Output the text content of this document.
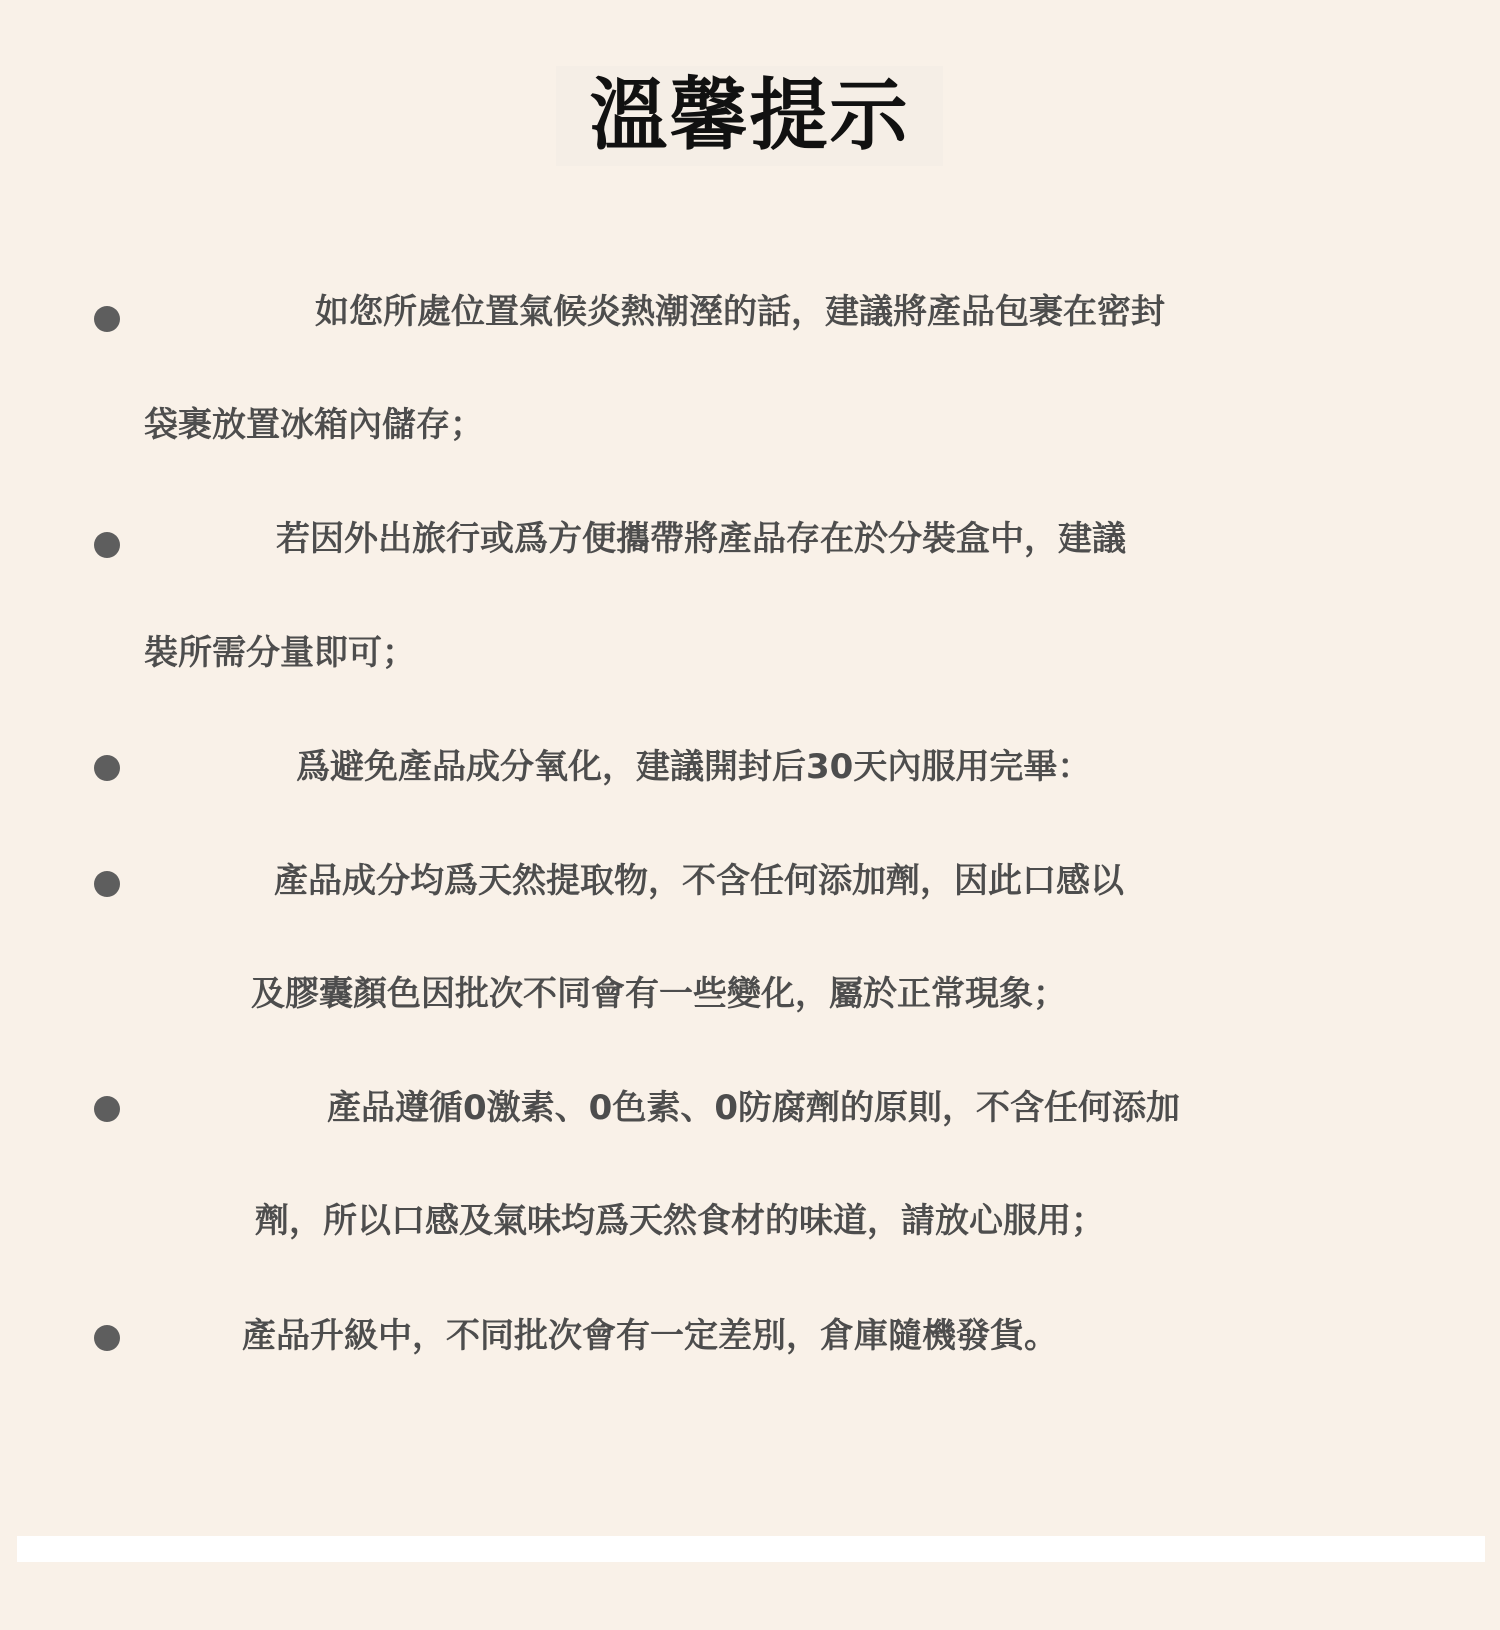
溫馨提示
如您所處位置氣候炎熱潮溼的話，建議將產品包裹在密封
袋裹放置冰箱內儲存；
若因外出旅行或爲方便攜帶將產品存在於分裝盒中，建議
裝所需分量即可；
爲避免產品成分氧化，建議開封后30天內服用完畢：
產品成分均爲天然提取物，不含任何添加劑，因此口感以
及膠囊顏色因批次不同會有一些變化，屬於正常現象；
產品遵循0激素、0色素、0防腐劑的原則，不含任何添加
劑，所以口感及氣味均爲天然食材的味道，請放心服用；
產品升級中，不同批次會有一定差別，倉庫隨機發貨。
